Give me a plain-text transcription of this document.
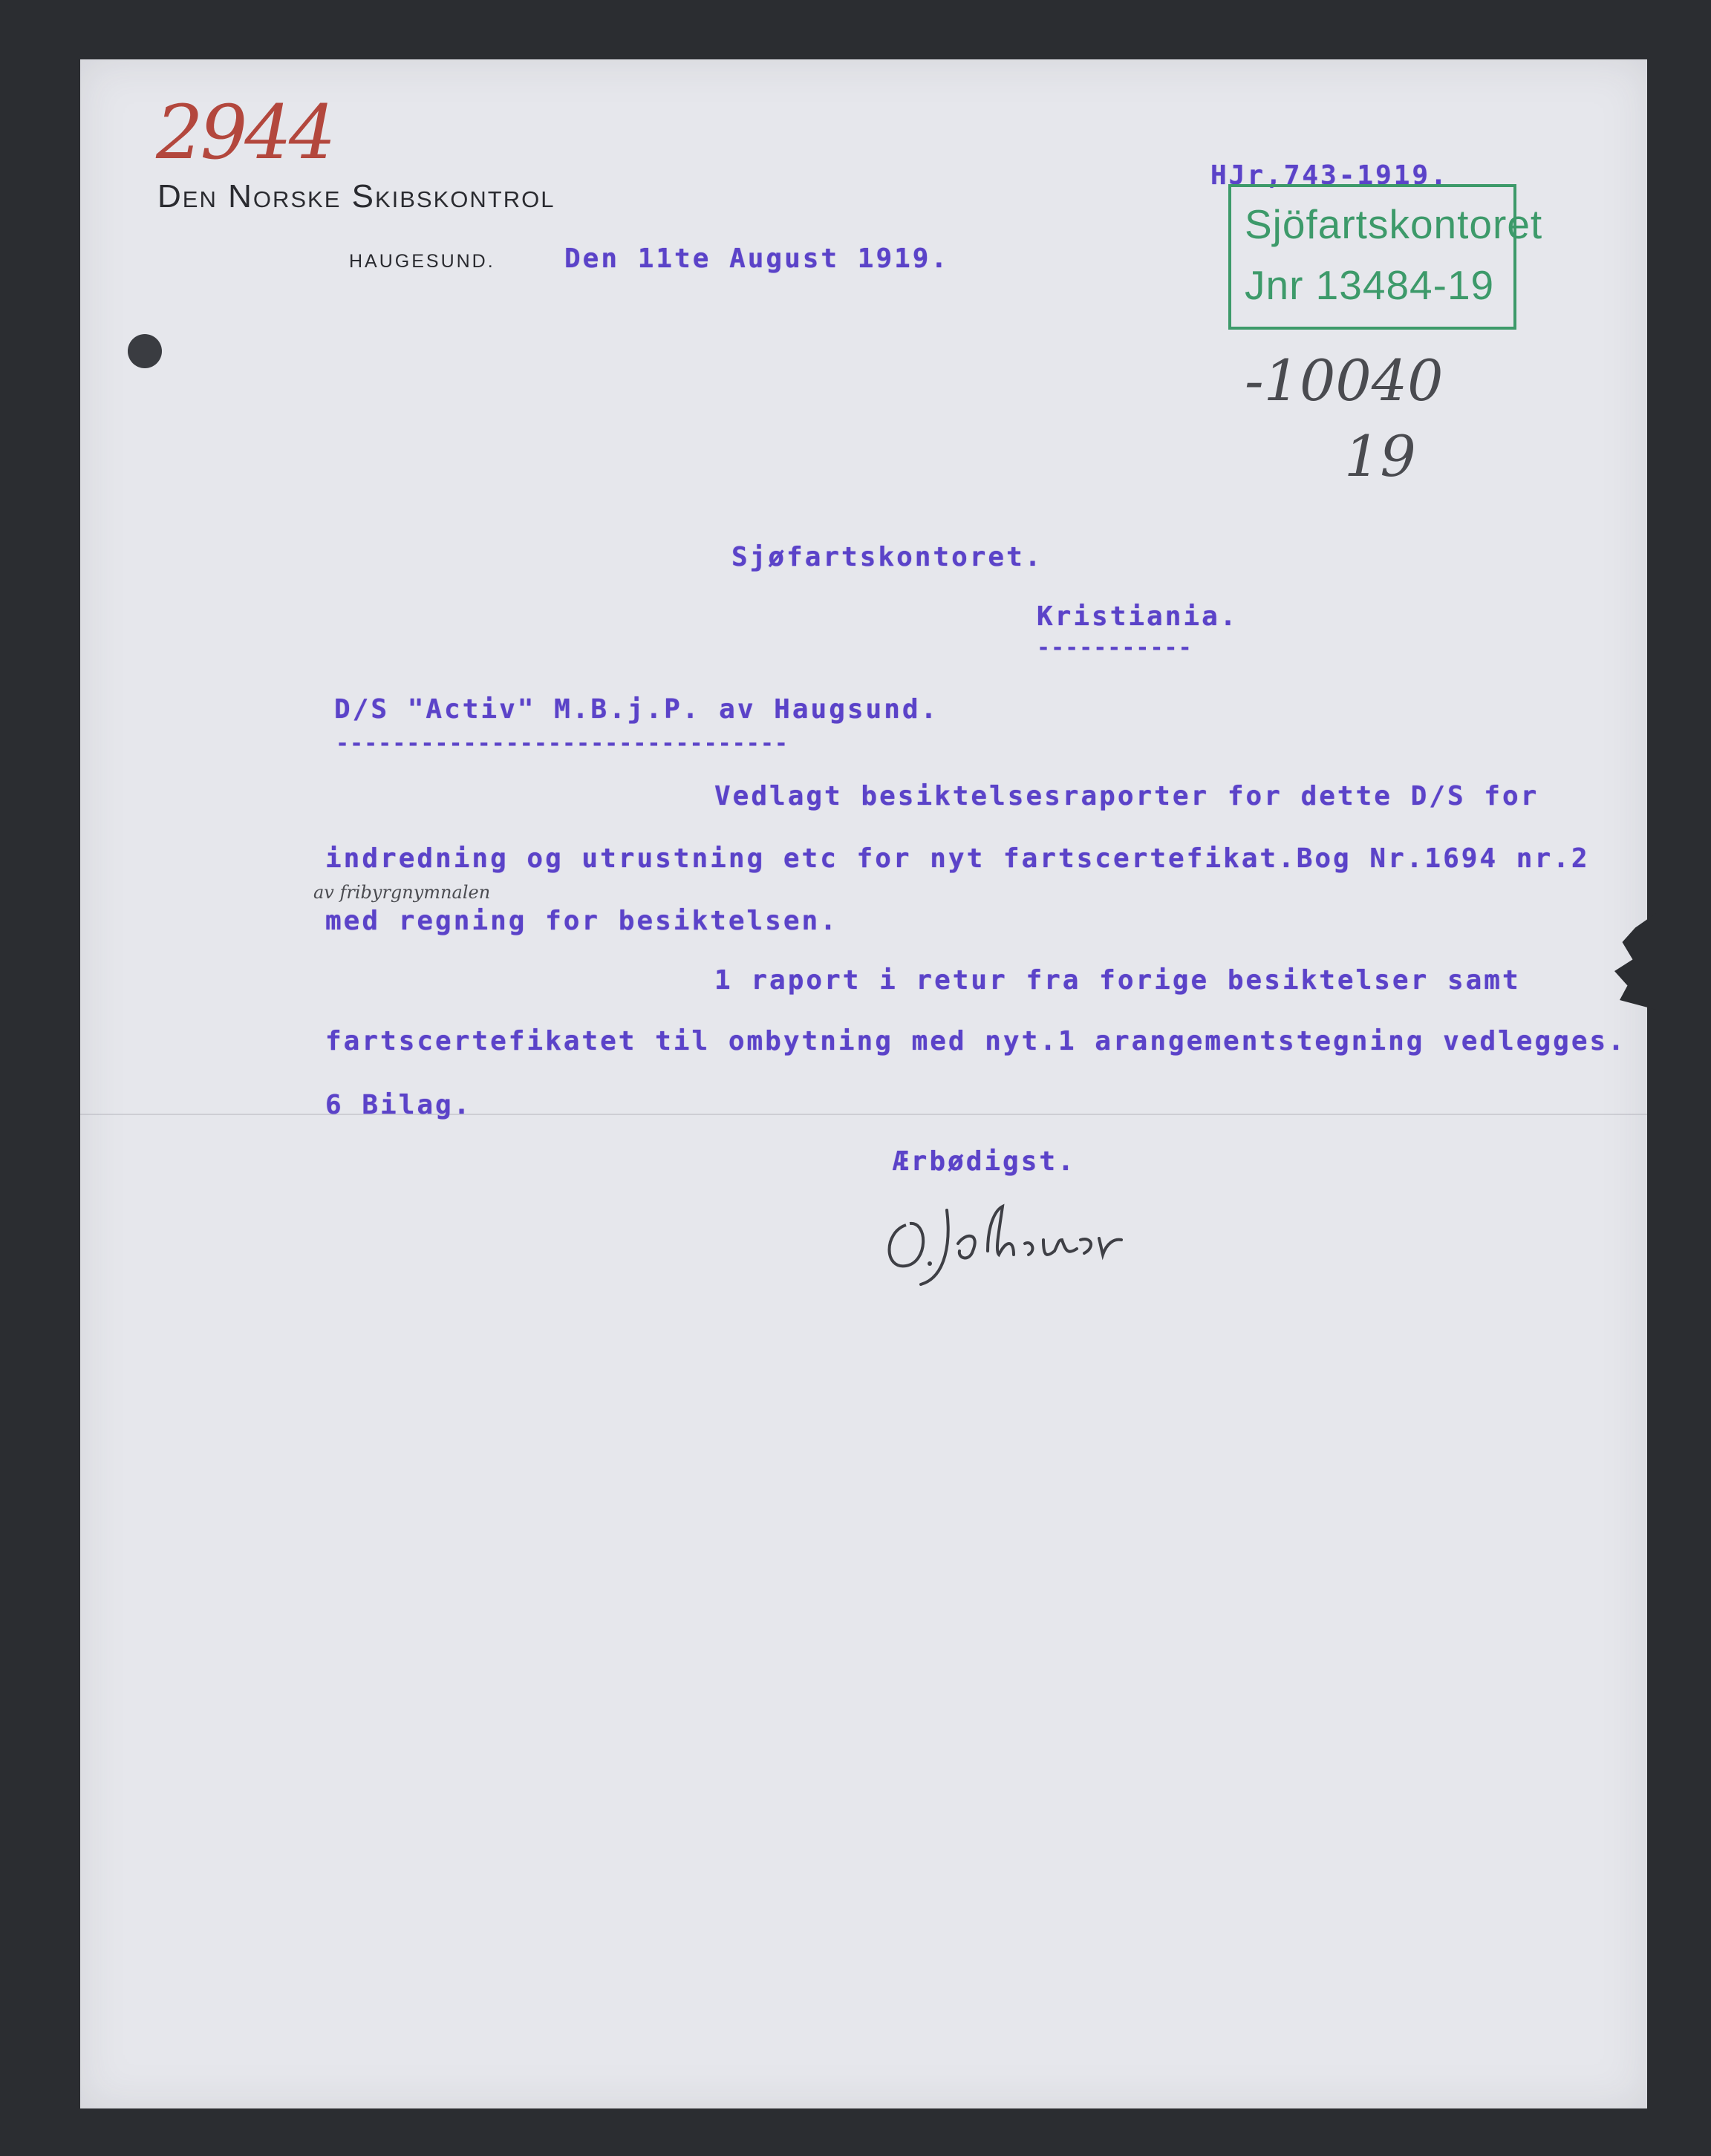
2944
Den Norske Skibskontrol
HAUGESUND.	Den 11te August 1919.
HJr,743-1919.
Sjöfartskontoret
Jnr 13484-19
-10040
19
Sjøfartskontoret.
Kristiania.
-----------
D/S "Activ" M.B.j.P. av Haugsund.
--------------------------------
Vedlagt besiktelsesraporter for dette D/S for
indredning og utrustning etc for nyt fartscertefikat.Bog Nr.1694 nr.2
av fribyrgnymnalen
med regning for besiktelsen.
1 raport i retur fra forige besiktelser samt
fartscertefikatet til ombytning med nyt.1 arangementstegning vedlegges.
6 Bilag.
Ærbødigst.
